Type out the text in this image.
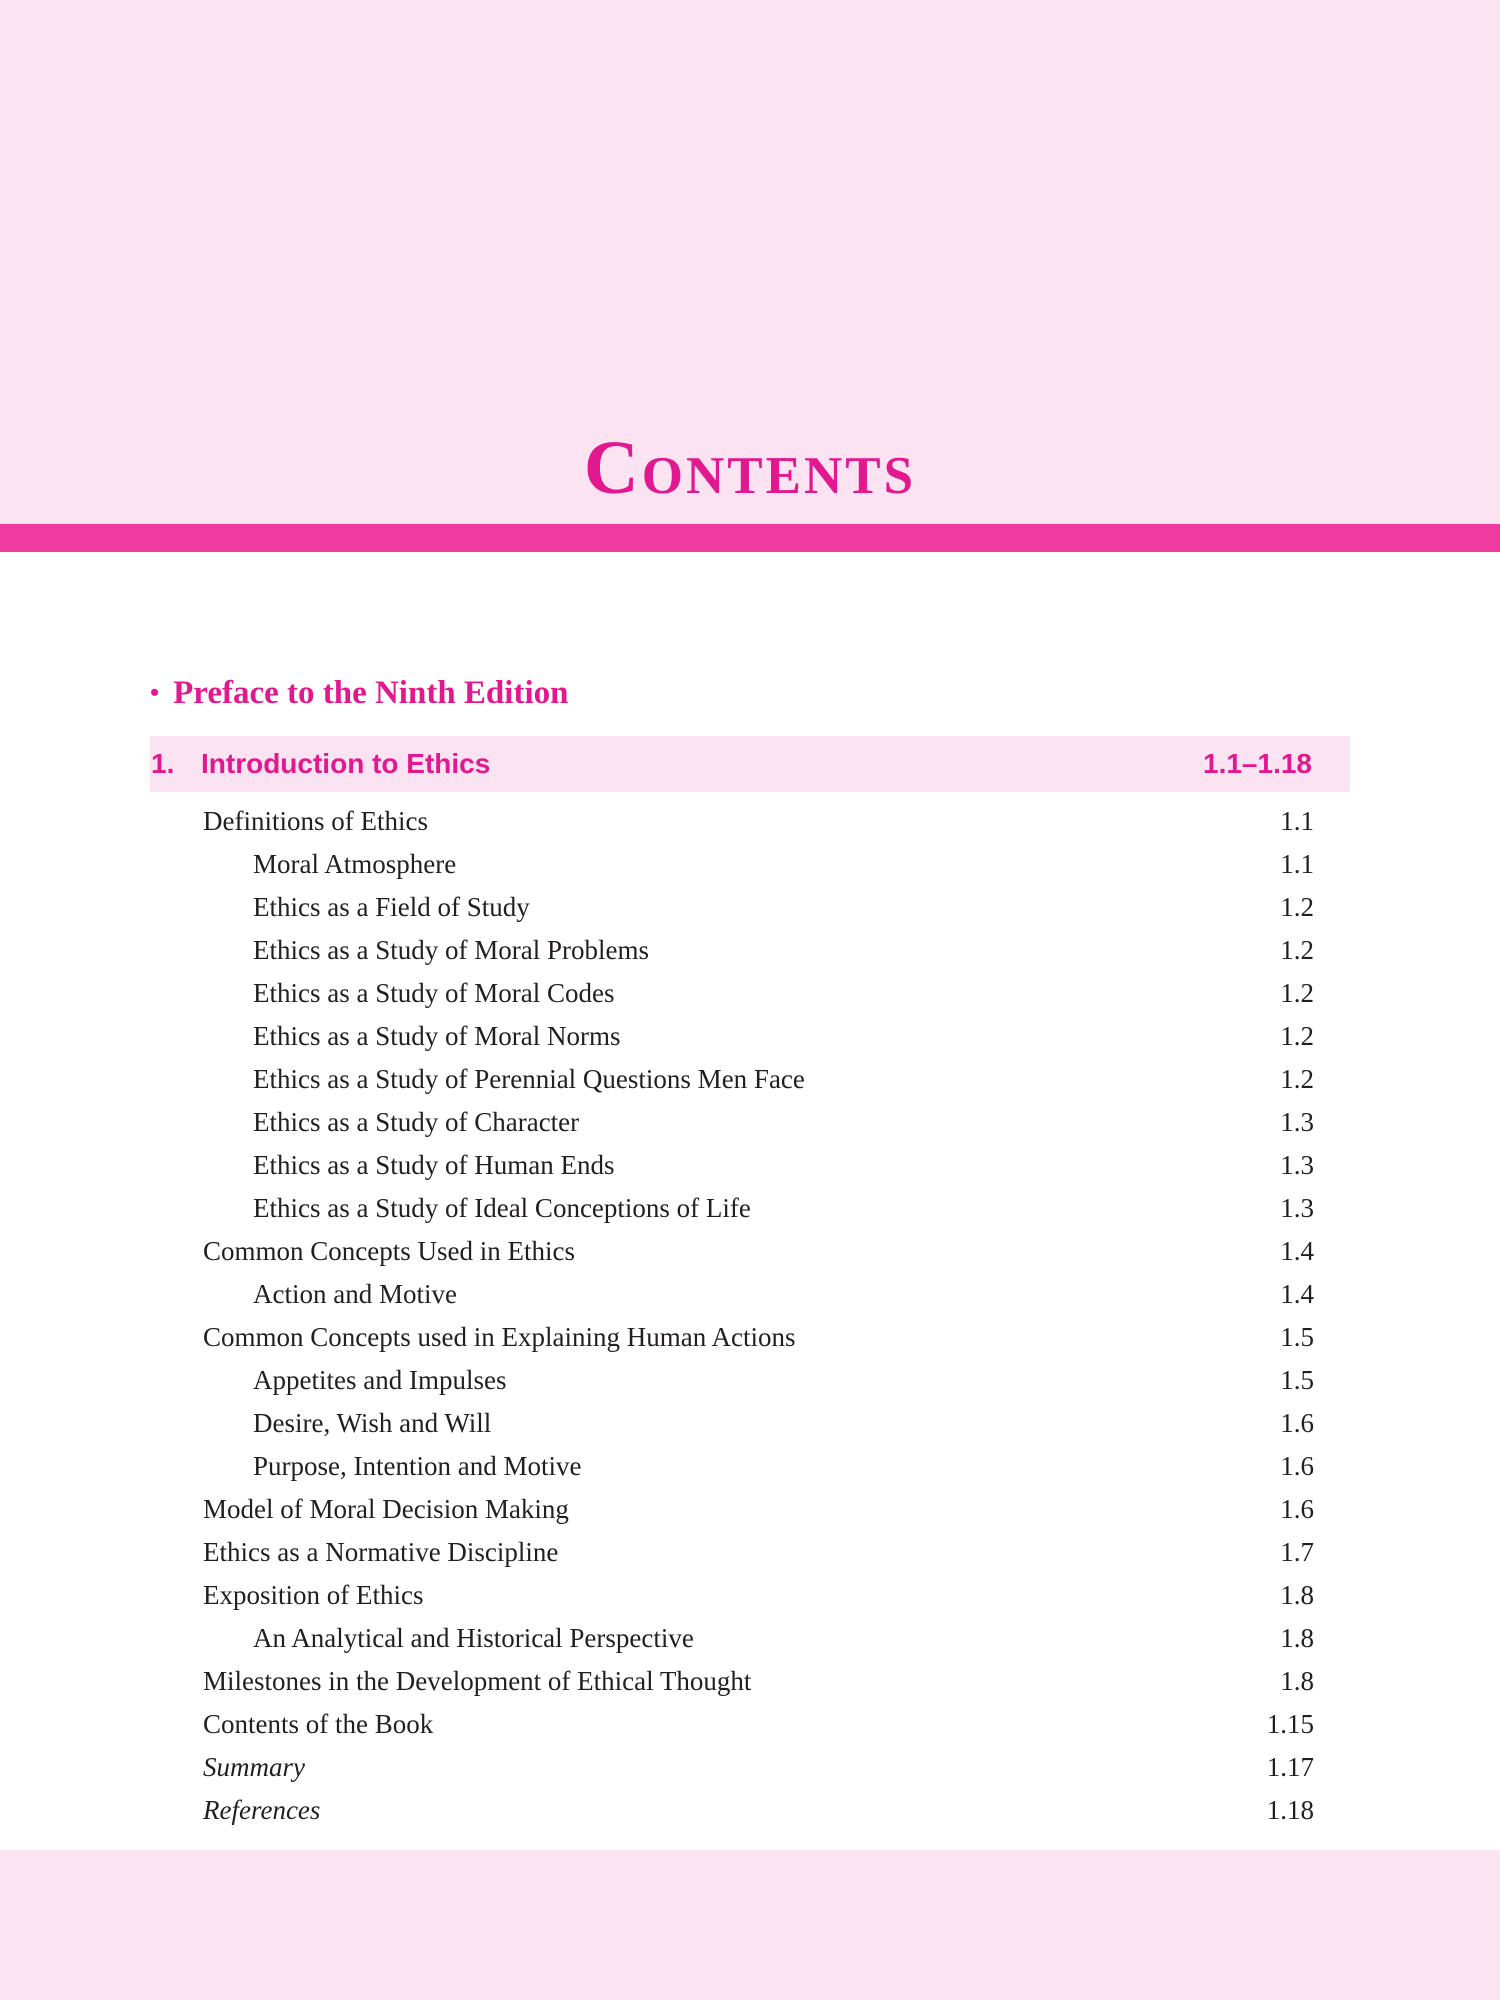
Contents
• Preface to the Ninth Edition
1. Introduction to Ethics	1.1–1.18
Definitions of Ethics	1.1
Moral Atmosphere	1.1
Ethics as a Field of Study	1.2
Ethics as a Study of Moral Problems	1.2
Ethics as a Study of Moral Codes	1.2
Ethics as a Study of Moral Norms	1.2
Ethics as a Study of Perennial Questions Men Face	1.2
Ethics as a Study of Character	1.3
Ethics as a Study of Human Ends	1.3
Ethics as a Study of Ideal Conceptions of Life	1.3
Common Concepts Used in Ethics	1.4
Action and Motive	1.4
Common Concepts used in Explaining Human Actions	1.5
Appetites and Impulses	1.5
Desire, Wish and Will	1.6
Purpose, Intention and Motive	1.6
Model of Moral Decision Making	1.6
Ethics as a Normative Discipline	1.7
Exposition of Ethics	1.8
An Analytical and Historical Perspective	1.8
Milestones in the Development of Ethical Thought	1.8
Contents of the Book	1.15
Summary	1.17
References	1.18
